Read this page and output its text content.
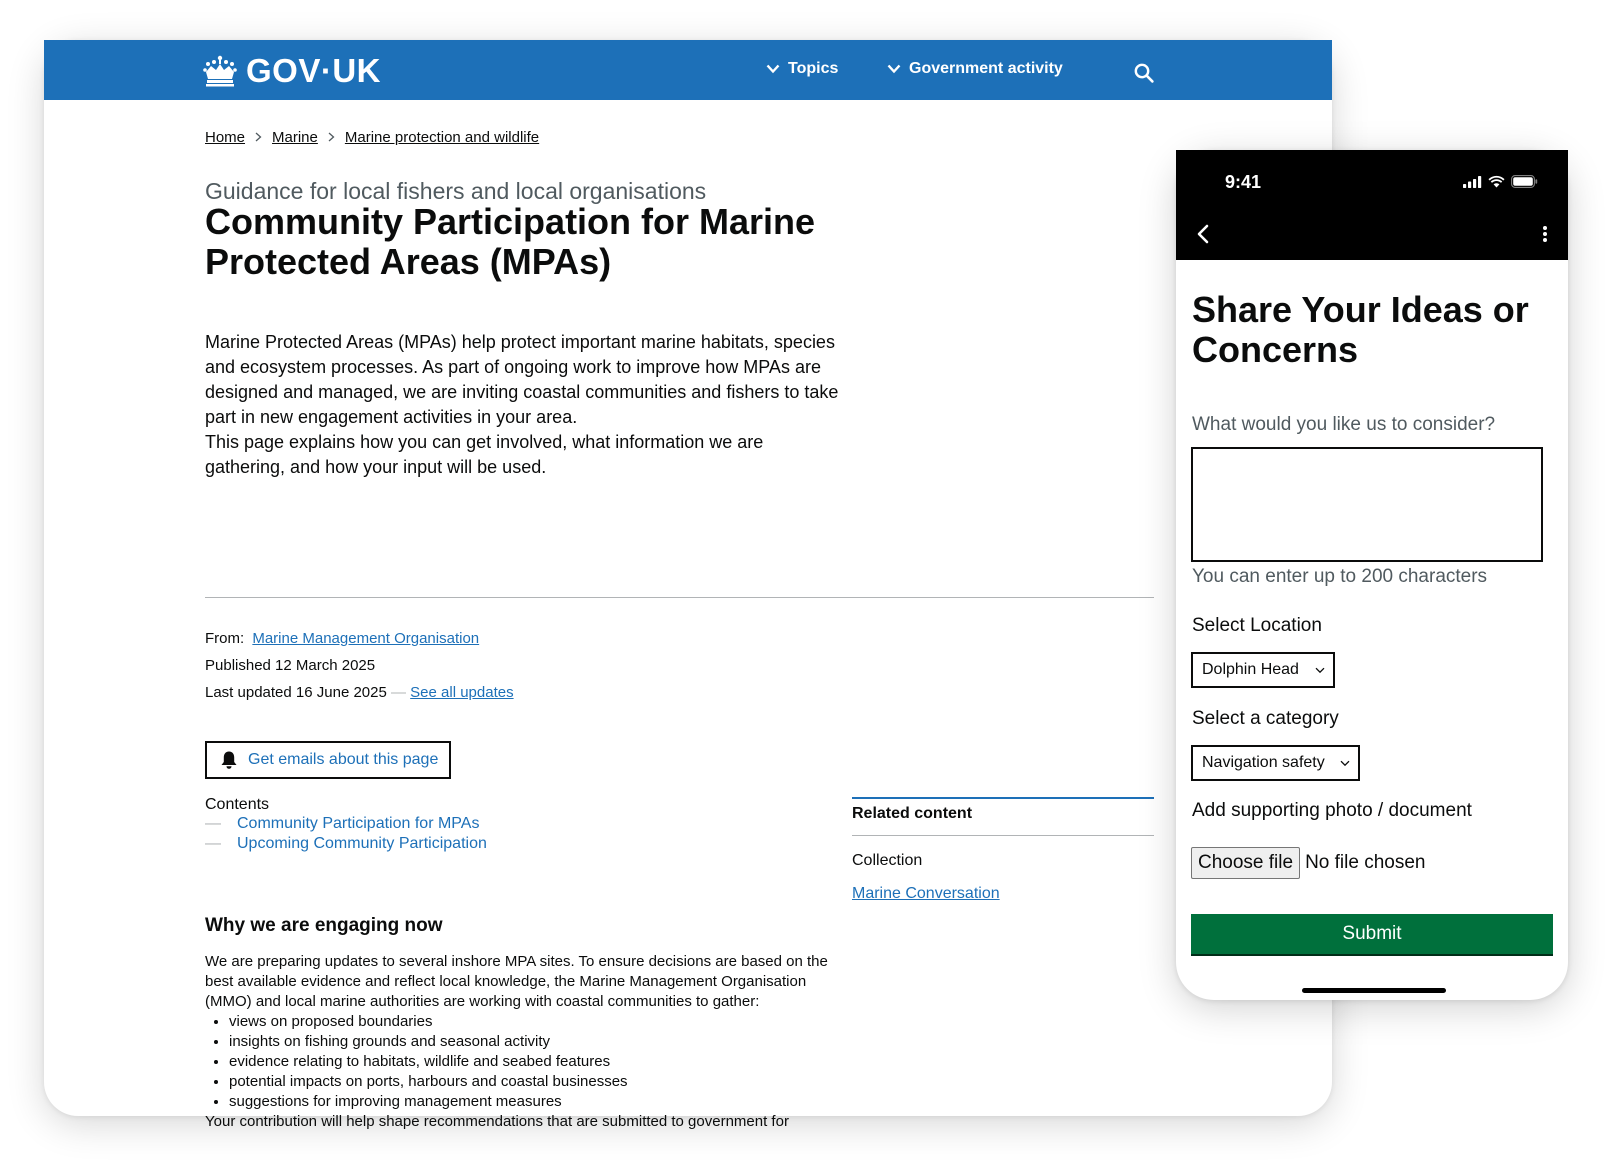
GOV·UK	Topics	Government activity
Home Marine Marine protection and wildlife
Guidance for local fishers and local organisations
Community Participation for Marine Protected Areas (MPAs)

Marine Protected Areas (MPAs) help protect important marine habitats, species and ecosystem processes. As part of ongoing work to improve how MPAs are designed and managed, we are inviting coastal communities and fishers to take part in new engagement activities in your area.

This page explains how you can get involved, what information we are gathering, and how your input will be used.

From: Marine Management Organisation
Published 12 March 2025
Last updated 16 June 2025 — See all updates
Get emails about this page
Contents
—	Community Participation for MPAs
—	Upcoming Community Participation
Related content
Collection
Marine Conversation
Why we are engaging now

We are preparing updates to several inshore MPA sites. To ensure decisions are based on the best available evidence and reflect local knowledge, the Marine Management Organisation (MMO) and local marine authorities are working with coastal communities to gather:

• views on proposed boundaries
• insights on fishing grounds and seasonal activity
• evidence relating to habitats, wildlife and seabed features
• potential impacts on ports, harbours and coastal businesses
• suggestions for improving management measures

Your contribution will help shape recommendations that are submitted to government for

9:41
Share Your Ideas or Concerns
What would you like us to consider?
You can enter up to 200 characters
Select Location
Dolphin Head
Select a category
Navigation safety
Add supporting photo / document
Choose file No file chosen
Submit
